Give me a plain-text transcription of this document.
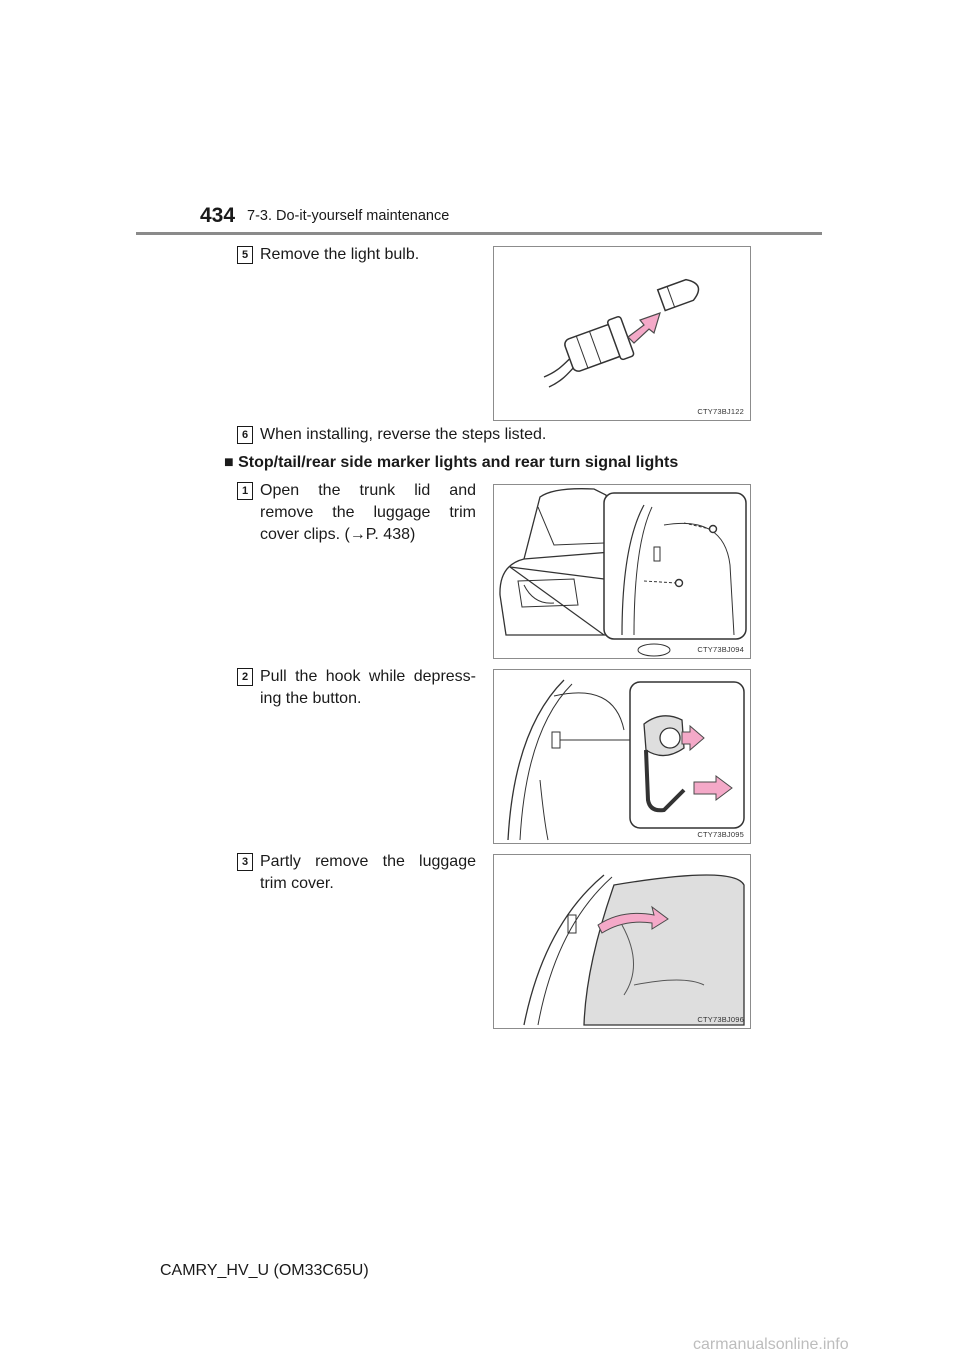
434 7-3. Do-it-yourself maintenance
5 Remove the light bulb.
CTY73BJ122
6 When installing, reverse the steps listed.
■ Stop/tail/rear side marker lights and rear turn signal lights
1 Open the trunk lid and
remove the luggage trim
cover clips. (→P. 438)
CTY73BJ094
2 Pull the hook while depress-
ing the button.
CTY73BJ095
3 Partly remove the luggage
trim cover.
CTY73BJ096
CAMRY_HV_U (OM33C65U)
carmanualsonline.info
